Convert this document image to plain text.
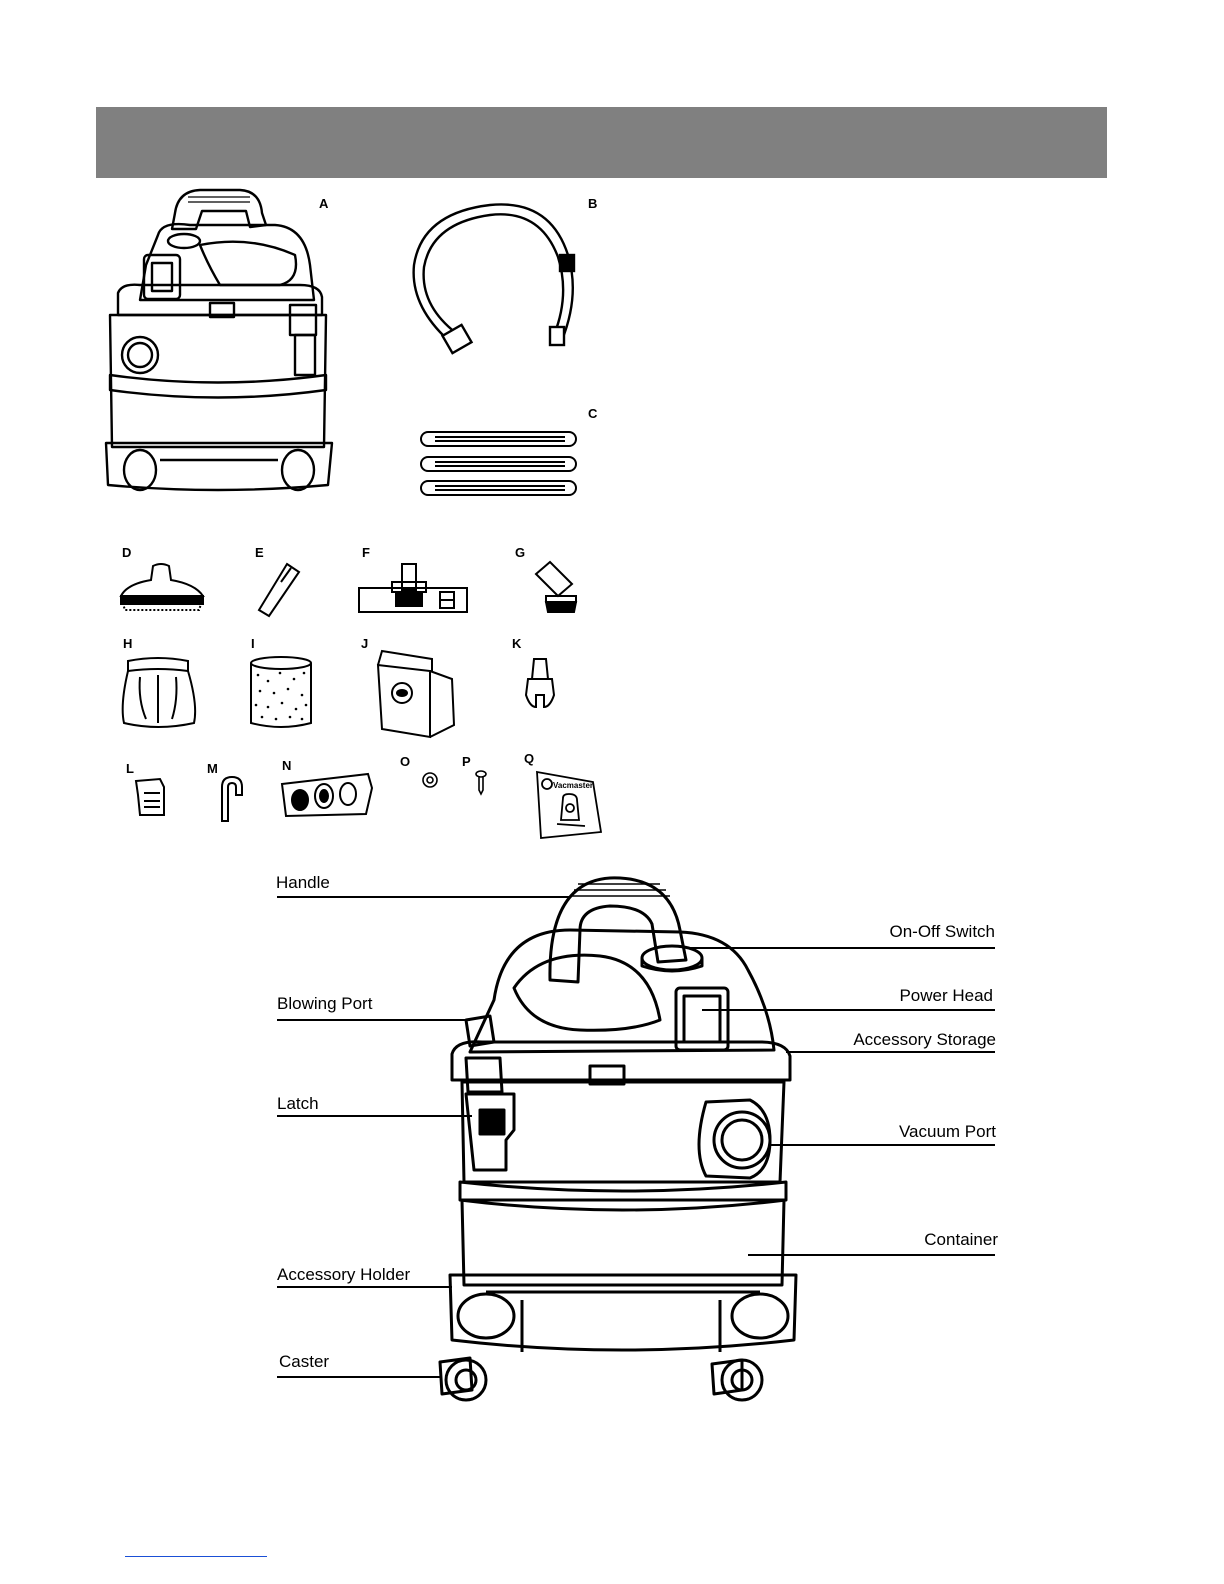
A	B
C
D	E	F	G
H	I	J	K
L	M	N	O	P	Q
Vacmaster
Handle
Blowing Port
Latch
Accessory Holder
Caster
On-Off Switch
Power Head
Accessory Storage
Vacuum Port
Container
